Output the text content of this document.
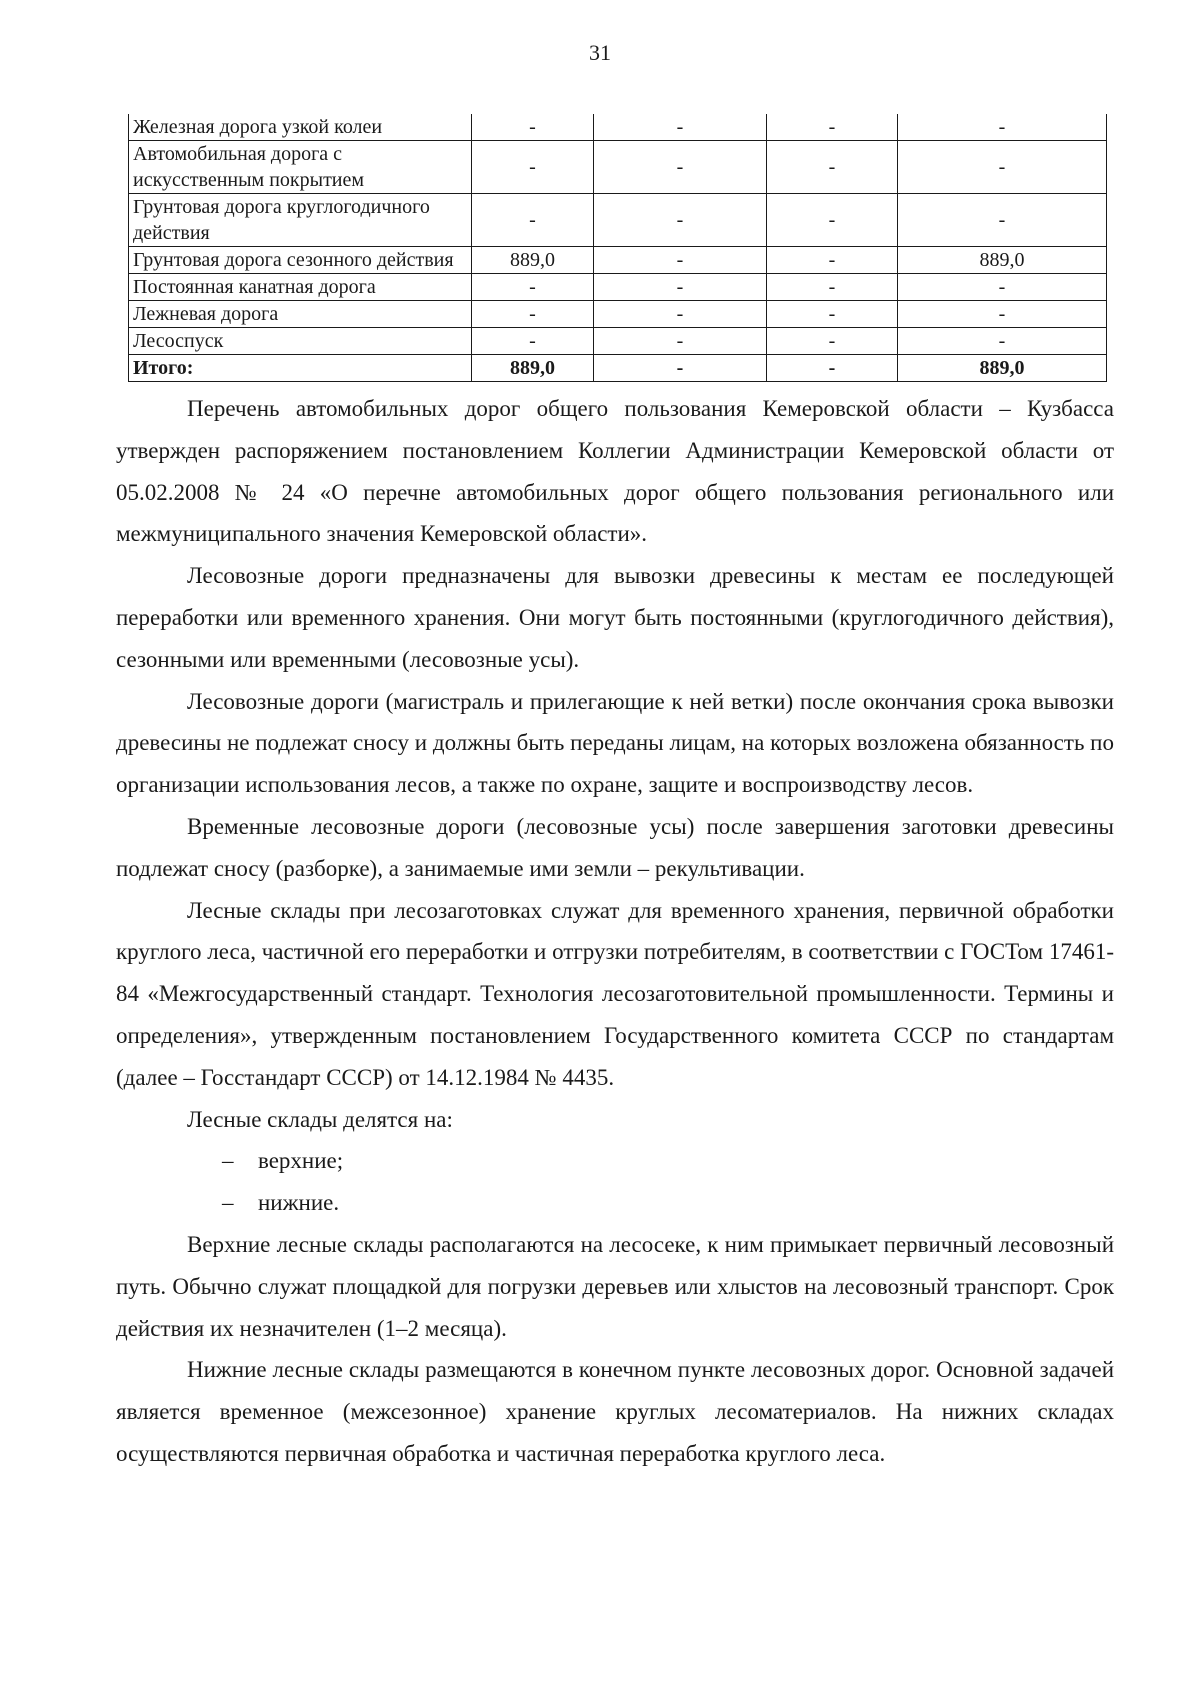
31
Железная дорога узкой колеи	-	-	-	-
Автомобильная дорога с искусственным покрытием	-	-	-	-
Грунтовая дорога круглогодичного действия	-	-	-	-
Грунтовая дорога сезонного действия	889,0	-	-	889,0
Постоянная канатная дорога	-	-	-	-
Лежневая дорога	-	-	-	-
Лесоспуск	-	-	-	-
Итого:	889,0	-	-	889,0

Перечень автомобильных дорог общего пользования Кемеровской области – Кузбасса утвержден распоряжением постановлением Коллегии Администрации Кемеровской области от 05.02.2008 № 24 «О перечне автомобильных дорог общего пользования регионального или межмуниципального значения Кемеровской области».

Лесовозные дороги предназначены для вывозки древесины к местам ее последующей переработки или временного хранения. Они могут быть постоянными (круглогодичного действия), сезонными или временными (лесовозные усы).

Лесовозные дороги (магистраль и прилегающие к ней ветки) после окончания срока вывозки древесины не подлежат сносу и должны быть переданы лицам, на которых возложена обязанность по организации использования лесов, а также по охране, защите и воспроизводству лесов.

Временные лесовозные дороги (лесовозные усы) после завершения заготовки древесины подлежат сносу (разборке), а занимаемые ими земли – рекультивации.

Лесные склады при лесозаготовках служат для временного хранения, первичной обработки круглого леса, частичной его переработки и отгрузки потребителям, в соответствии с ГОСТом 17461-84 «Межгосударственный стандарт. Технология лесозаготовительной промышленности. Термины и определения», утвержденным постановлением Государственного комитета СССР по стандартам (далее – Госстандарт СССР) от 14.12.1984 № 4435.

Лесные склады делятся на:

– верхние;

– нижние.

Верхние лесные склады располагаются на лесосеке, к ним примыкает первичный лесовозный путь. Обычно служат площадкой для погрузки деревьев или хлыстов на лесовозный транспорт. Срок действия их незначителен (1–2 месяца).

Нижние лесные склады размещаются в конечном пункте лесовозных дорог. Основной задачей является временное (межсезонное) хранение круглых лесоматериалов. На нижних складах осуществляются первичная обработка и частичная переработка круглого леса.
